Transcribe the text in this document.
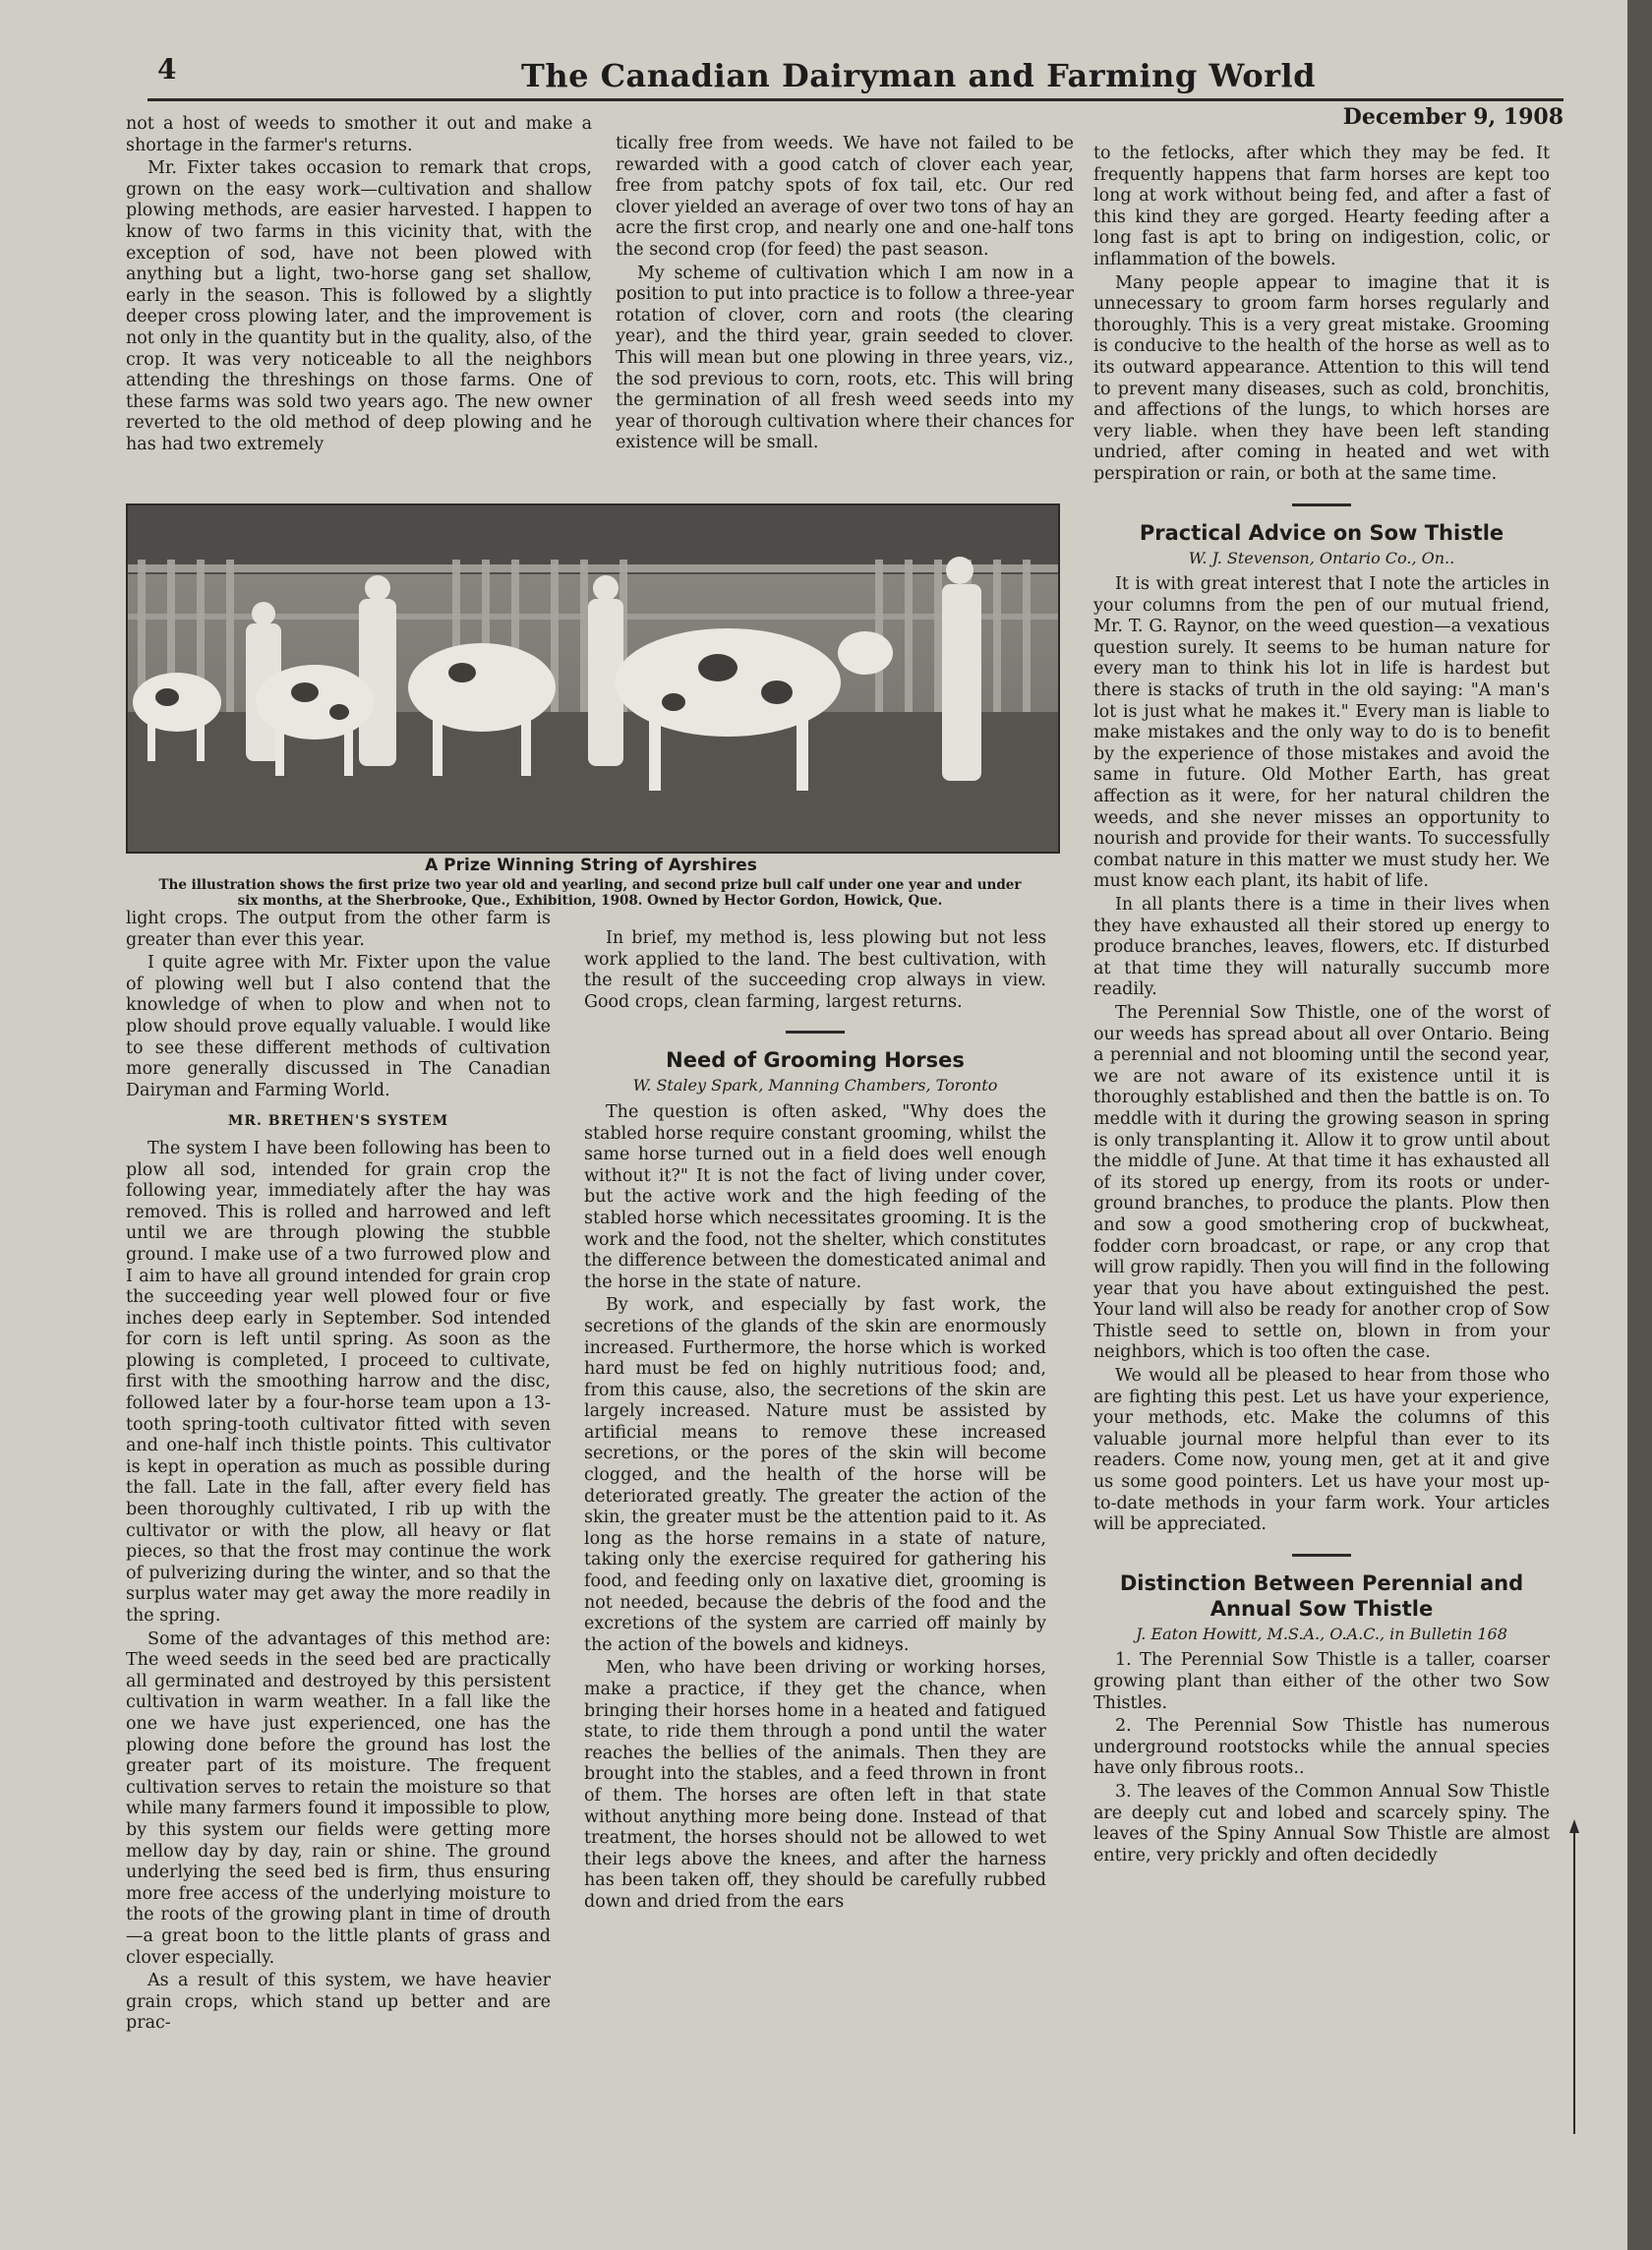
4	The Canadian Dairyman and Farming World
December 9, 1908

not a host of weeds to smother it out and make a shortage in the farmer's returns.

Mr. Fixter takes occasion to remark that crops, grown on the easy work—cultivation and shallow plowing methods, are easier harvested. I happen to know of two farms in this vicinity that, with the exception of sod, have not been plowed with anything but a light, two-horse gang set shallow, early in the season. This is followed by a slightly deeper cross plowing later, and the improvement is not only in the quantity but in the quality, also, of the crop. It was very noticeable to all the neighbors attending the threshings on those farms. One of these farms was sold two years ago. The new owner reverted to the old method of deep plowing and he has had two extremely

tically free from weeds. We have not failed to be rewarded with a good catch of clover each year, free from patchy spots of fox tail, etc. Our red clover yielded an average of over two tons of hay an acre the first crop, and nearly one and one-half tons the second crop (for feed) the past season.

My scheme of cultivation which I am now in a position to put into practice is to follow a three-year rotation of clover, corn and roots (the clearing year), and the third year, grain seeded to clover. This will mean but one plowing in three years, viz., the sod previous to corn, roots, etc. This will bring the germination of all fresh weed seeds into my year of thorough cultivation where their chances for existence will be small.

A Prize Winning String of Ayrshires
The illustration shows the first prize two year old and yearling, and second prize bull calf under one year and under six months, at the Sherbrooke, Que., Exhibition, 1908. Owned by Hector Gordon, Howick, Que.

light crops. The output from the other farm is greater than ever this year.

I quite agree with Mr. Fixter upon the value of plowing well but I also contend that the knowledge of when to plow and when not to plow should prove equally valuable. I would like to see these different methods of cultivation more generally discussed in The Canadian Dairyman and Farming World.

MR. BRETHEN'S SYSTEM

The system I have been following has been to plow all sod, intended for grain crop the following year, immediately after the hay was removed. This is rolled and harrowed and left until we are through plowing the stubble ground. I make use of a two furrowed plow and I aim to have all ground intended for grain crop the succeeding year well plowed four or five inches deep early in September. Sod intended for corn is left until spring. As soon as the plowing is completed, I proceed to cultivate, first with the smoothing harrow and the disc, followed later by a four-horse team upon a 13-tooth spring-tooth cultivator fitted with seven and one-half inch thistle points. This cultivator is kept in operation as much as possible during the fall. Late in the fall, after every field has been thoroughly cultivated, I rib up with the cultivator or with the plow, all heavy or flat pieces, so that the frost may continue the work of pulverizing during the winter, and so that the surplus water may get away the more readily in the spring.

Some of the advantages of this method are: The weed seeds in the seed bed are practically all germinated and destroyed by this persistent cultivation in warm weather. In a fall like the one we have just experienced, one has the plowing done before the ground has lost the greater part of its moisture. The frequent cultivation serves to retain the moisture so that while many farmers found it impossible to plow, by this system our fields were getting more mellow day by day, rain or shine. The ground underlying the seed bed is firm, thus ensuring more free access of the underlying moisture to the roots of the growing plant in time of drouth—a great boon to the little plants of grass and clover especially.

As a result of this system, we have heavier grain crops, which stand up better and are prac-

In brief, my method is, less plowing but not less work applied to the land. The best cultivation, with the result of the succeeding crop always in view. Good crops, clean farming, largest returns.

Need of Grooming Horses
W. Staley Spark, Manning Chambers, Toronto

The question is often asked, "Why does the stabled horse require constant grooming, whilst the same horse turned out in a field does well enough without it?" It is not the fact of living under cover, but the active work and the high feeding of the stabled horse which necessitates grooming. It is the work and the food, not the shelter, which constitutes the difference between the domesticated animal and the horse in the state of nature.

By work, and especially by fast work, the secretions of the glands of the skin are enormously increased. Furthermore, the horse which is worked hard must be fed on highly nutritious food; and, from this cause, also, the secretions of the skin are largely increased. Nature must be assisted by artificial means to remove these increased secretions, or the pores of the skin will become clogged, and the health of the horse will be deteriorated greatly. The greater the action of the skin, the greater must be the attention paid to it. As long as the horse remains in a state of nature, taking only the exercise required for gathering his food, and feeding only on laxative diet, grooming is not needed, because the debris of the food and the excretions of the system are carried off mainly by the action of the bowels and kidneys.

Men, who have been driving or working horses, make a practice, if they get the chance, when bringing their horses home in a heated and fatigued state, to ride them through a pond until the water reaches the bellies of the animals. Then they are brought into the stables, and a feed thrown in front of them. The horses are often left in that state without anything more being done. Instead of that treatment, the horses should not be allowed to wet their legs above the knees, and after the harness has been taken off, they should be carefully rubbed down and dried from the ears

to the fetlocks, after which they may be fed. It frequently happens that farm horses are kept too long at work without being fed, and after a fast of this kind they are gorged. Hearty feeding after a long fast is apt to bring on indigestion, colic, or inflammation of the bowels.

Many people appear to imagine that it is unnecessary to groom farm horses regularly and thoroughly. This is a very great mistake. Grooming is conducive to the health of the horse as well as to its outward appearance. Attention to this will tend to prevent many diseases, such as cold, bronchitis, and affections of the lungs, to which horses are very liable. when they have been left standing undried, after coming in heated and wet with perspiration or rain, or both at the same time.

Practical Advice on Sow Thistle
W. J. Stevenson, Ontario Co., On..

It is with great interest that I note the articles in your columns from the pen of our mutual friend, Mr. T. G. Raynor, on the weed question—a vexatious question surely. It seems to be human nature for every man to think his lot in life is hardest but there is stacks of truth in the old saying: "A man's lot is just what he makes it." Every man is liable to make mistakes and the only way to do is to benefit by the experience of those mistakes and avoid the same in future. Old Mother Earth, has great affection as it were, for her natural children the weeds, and she never misses an opportunity to nourish and provide for their wants. To successfully combat nature in this matter we must study her. We must know each plant, its habit of life.

In all plants there is a time in their lives when they have exhausted all their stored up energy to produce branches, leaves, flowers, etc. If disturbed at that time they will naturally succumb more readily.

The Perennial Sow Thistle, one of the worst of our weeds has spread about all over Ontario. Being a perennial and not blooming until the second year, we are not aware of its existence until it is thoroughly established and then the battle is on. To meddle with it during the growing season in spring is only transplanting it. Allow it to grow until about the middle of June. At that time it has exhausted all of its stored up energy, from its roots or under-ground branches, to produce the plants. Plow then and sow a good smothering crop of buckwheat, fodder corn broadcast, or rape, or any crop that will grow rapidly. Then you will find in the following year that you have about extinguished the pest. Your land will also be ready for another crop of Sow Thistle seed to settle on, blown in from your neighbors, which is too often the case.

We would all be pleased to hear from those who are fighting this pest. Let us have your experience, your methods, etc. Make the columns of this valuable journal more helpful than ever to its readers. Come now, young men, get at it and give us some good pointers. Let us have your most up-to-date methods in your farm work. Your articles will be appreciated.

Distinction Between Perennial and Annual Sow Thistle
J. Eaton Howitt, M.S.A., O.A.C., in Bulletin 168

1. The Perennial Sow Thistle is a taller, coarser growing plant than either of the other two Sow Thistles.

2. The Perennial Sow Thistle has numerous underground rootstocks while the annual species have only fibrous roots..

3. The leaves of the Common Annual Sow Thistle are deeply cut and lobed and scarcely spiny. The leaves of the Spiny Annual Sow Thistle are almost entire, very prickly and often decidedly
